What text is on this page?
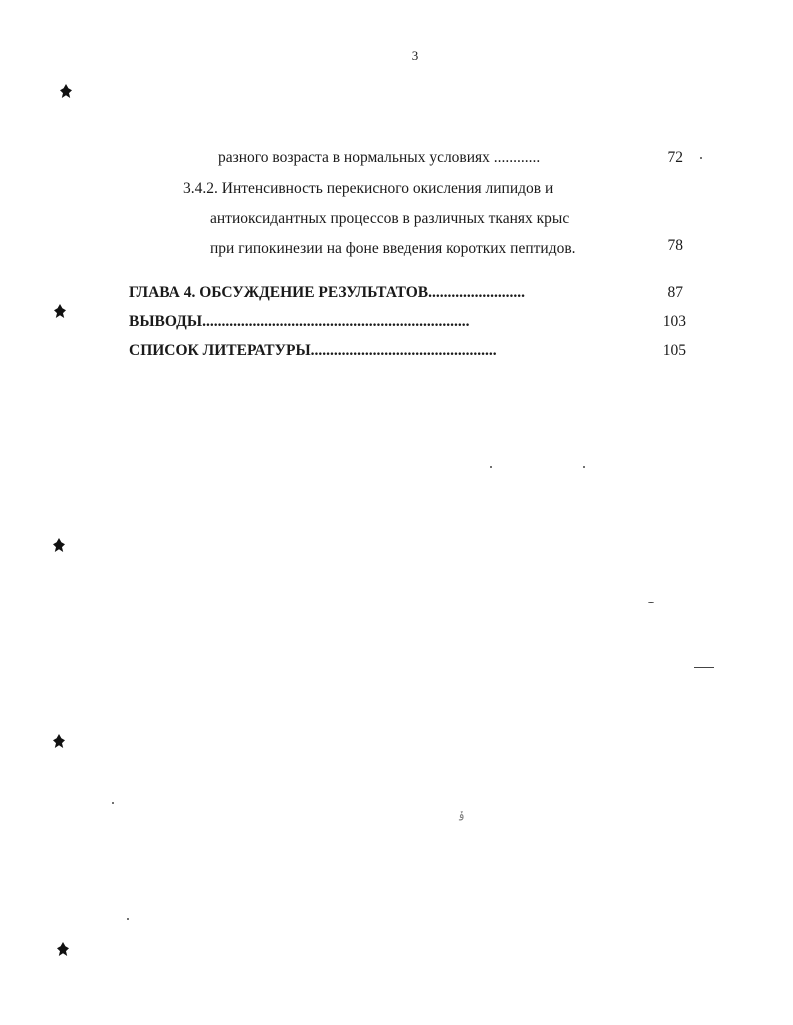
3
разного возраста в нормальных условиях ............	72
3.4.2. Интенсивность перекисного окисления липидов и
антиоксидантных процессов в различных тканях крыс
при гипокинезии на фоне введения коротких пептидов.	78
ГЛАВА 4. ОБСУЖДЕНИЕ РЕЗУЛЬТАТОВ.........................	87
ВЫВОДЫ.....................................................................	103
СПИСОК ЛИТЕРАТУРЫ................................................	105
ݹ
